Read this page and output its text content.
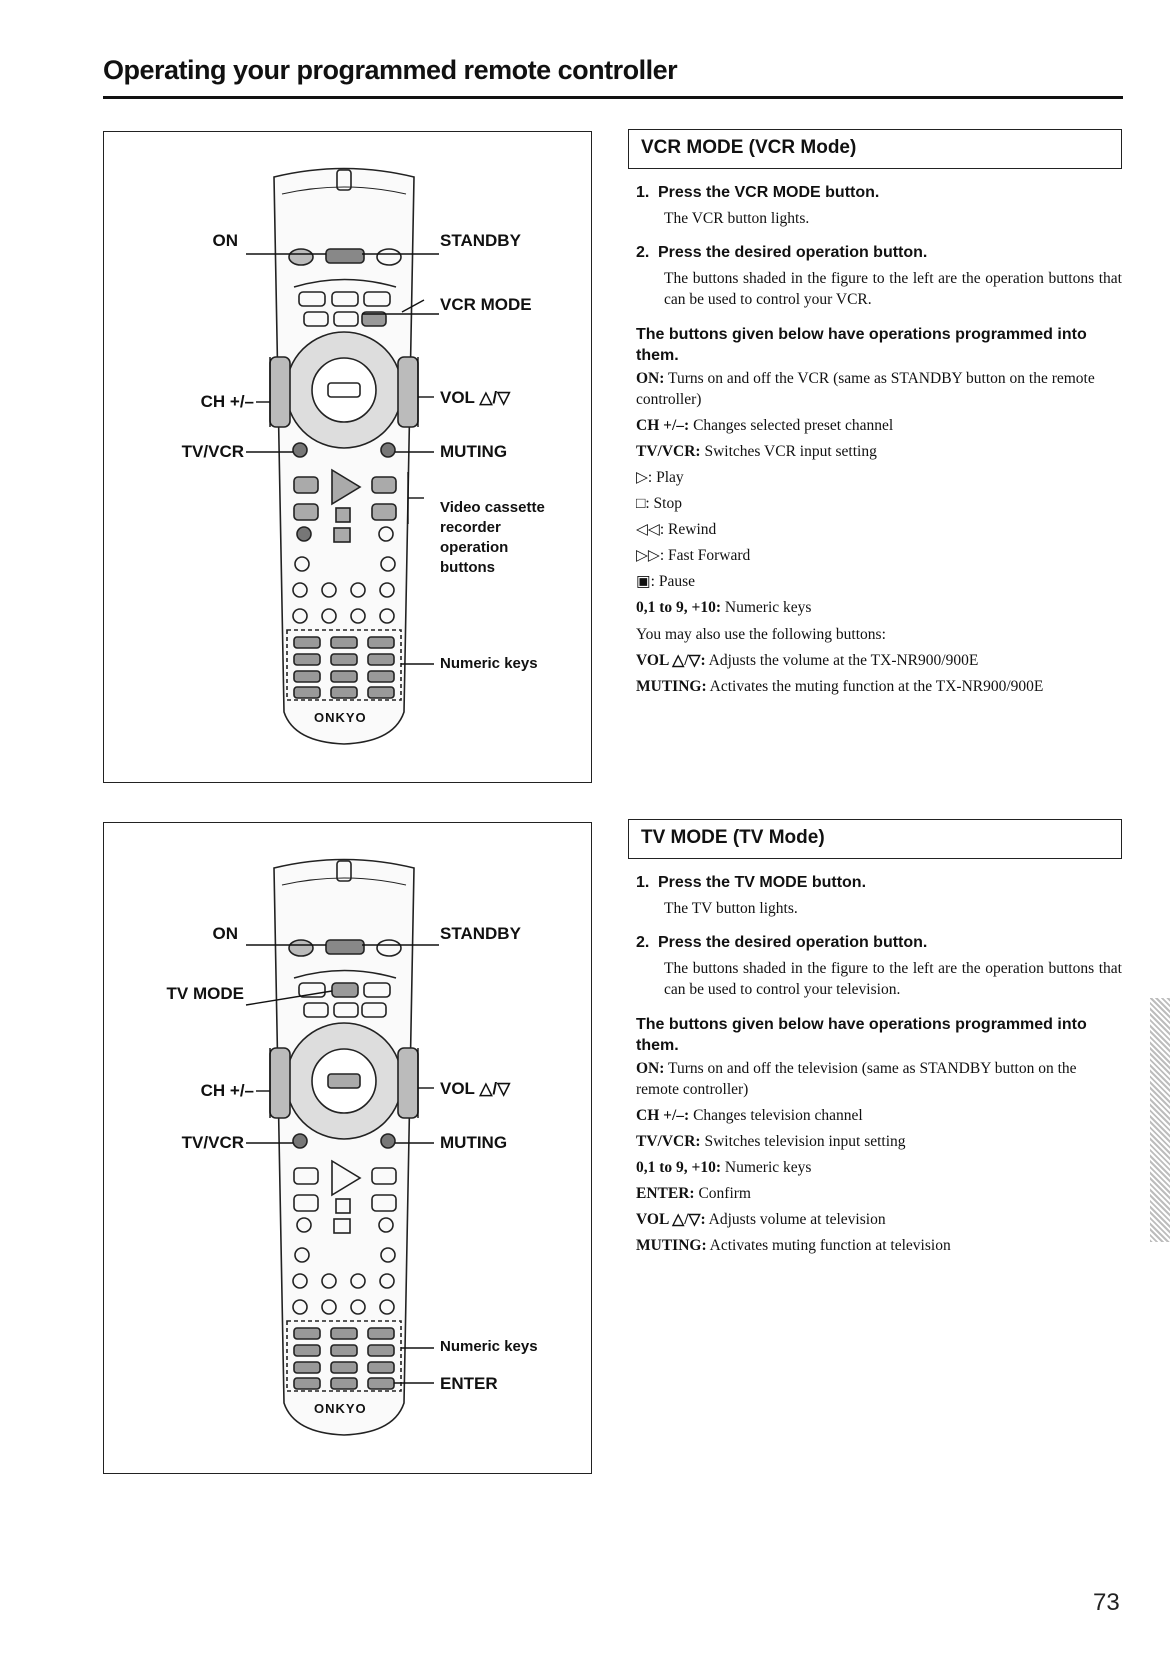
Operating your programmed remote controller
ON	STANDBY
VCR MODE
CH +/–	VOL △/▽
TV/VCR	MUTING
Video cassette
recorder
operation
buttons
Numeric keys
ONKYO
ON	STANDBY
TV MODE
CH +/–	VOL △/▽
TV/VCR	MUTING
Numeric keys
ENTER
ONKYO
VCR MODE (VCR Mode)
1. Press the VCR MODE button.
The VCR button lights.
2. Press the desired operation button.
The buttons shaded in the figure to the left are the operation buttons that can be used to control your VCR.
The buttons given below have operations programmed into them.
ON: Turns on and off the VCR (same as STANDBY button on the remote controller)
CH +/–: Changes selected preset channel
TV/VCR: Switches VCR input setting
▷: Play
□: Stop
◁◁: Rewind
▷▷: Fast Forward
▣: Pause
0,1 to 9, +10: Numeric keys
You may also use the following buttons:
VOL △/▽: Adjusts the volume at the TX-NR900/900E
MUTING: Activates the muting function at the TX-NR900/900E
TV MODE (TV Mode)
1. Press the TV MODE button.
The TV button lights.
2. Press the desired operation button.
The buttons shaded in the figure to the left are the operation buttons that can be used to control your television.
The buttons given below have operations programmed into them.
ON: Turns on and off the television (same as STANDBY button on the remote controller)
CH +/–: Changes television channel
TV/VCR: Switches television input setting
0,1 to 9, +10: Numeric keys
ENTER: Confirm
VOL △/▽: Adjusts volume at television
MUTING: Activates muting function at television
73
